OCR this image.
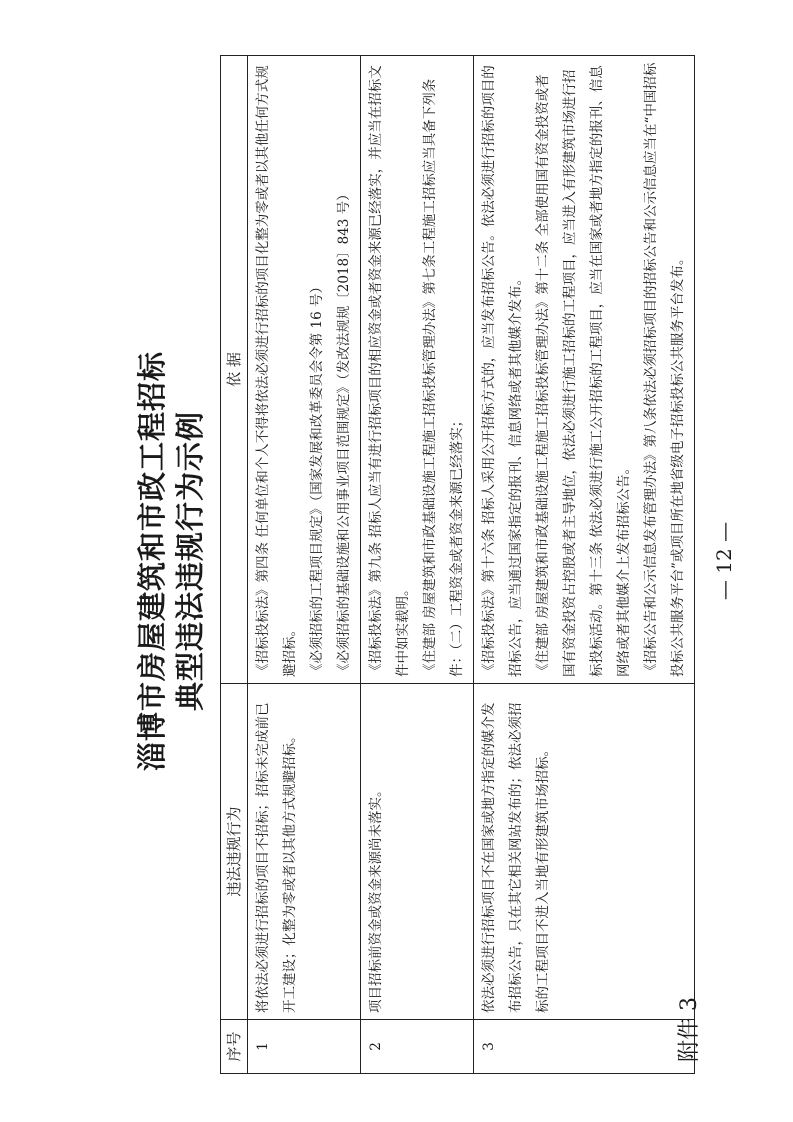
附件 3
淄博市房屋建筑和市政工程招标 典型违法违规行为示例
序号	违法违规行为	依 据
1	将依法必须进行招标的项目不招标；招标未完成前已开工建设；化整为零或者以其他方式规避招标。	《招标投标法》第四条 任何单位和个人不得将依法必须进行招标的项目化整为零或者以其他任何方式规避招标。 《必须招标的工程项目规定》（国家发展和改革委员会令第 16 号） 《必须招标的基础设施和公用事业项目范围规定》（发改法规规〔2018〕843 号）

2	项目招标前资金或资金来源尚未落实。	《招标投标法》第九条 招标人应当有进行招标项目的相应资金或者资金来源已经落实，并应当在招标文件中如实载明。 《住建部 房屋建筑和市政基础设施工程施工招标投标管理办法》第七条工程施工招标应当具备下列条件：（二）工程资金或者资金来源已经落实；

3	依法必须进行招标项目不在国家或地方指定的媒介发布招标公告，只在其它相关网站发布的；依法必须招标的工程项目不进入当地有形建筑市场招标。	《招标投标法》第十六条 招标人采用公开招标方式的，应当发布招标公告。依法必须进行招标的项目的招标公告，应当通过国家指定的报刊、信息网络或者其他媒介发布。 《住建部 房屋建筑和市政基础设施工程施工招标投标管理办法》第十二条 全部使用国有资金投资或者国有资金投资占控股或者主导地位，依法必须进行施工招标的工程项目，应当进入有形建筑市场进行招标投标活动。第十三条 依法必须进行施工公开招标的工程项目，应当在国家或者地方指定的报刊、信息网络或者其他媒介上发布招标公告。 《招标公告和公示信息发布管理办法》第八条依法必须招标项目的招标公告和公示信息应当在“中国招标投标公共服务平台”或项目所在地省级电子招标投标公共服务平台发布。	— 12 —
